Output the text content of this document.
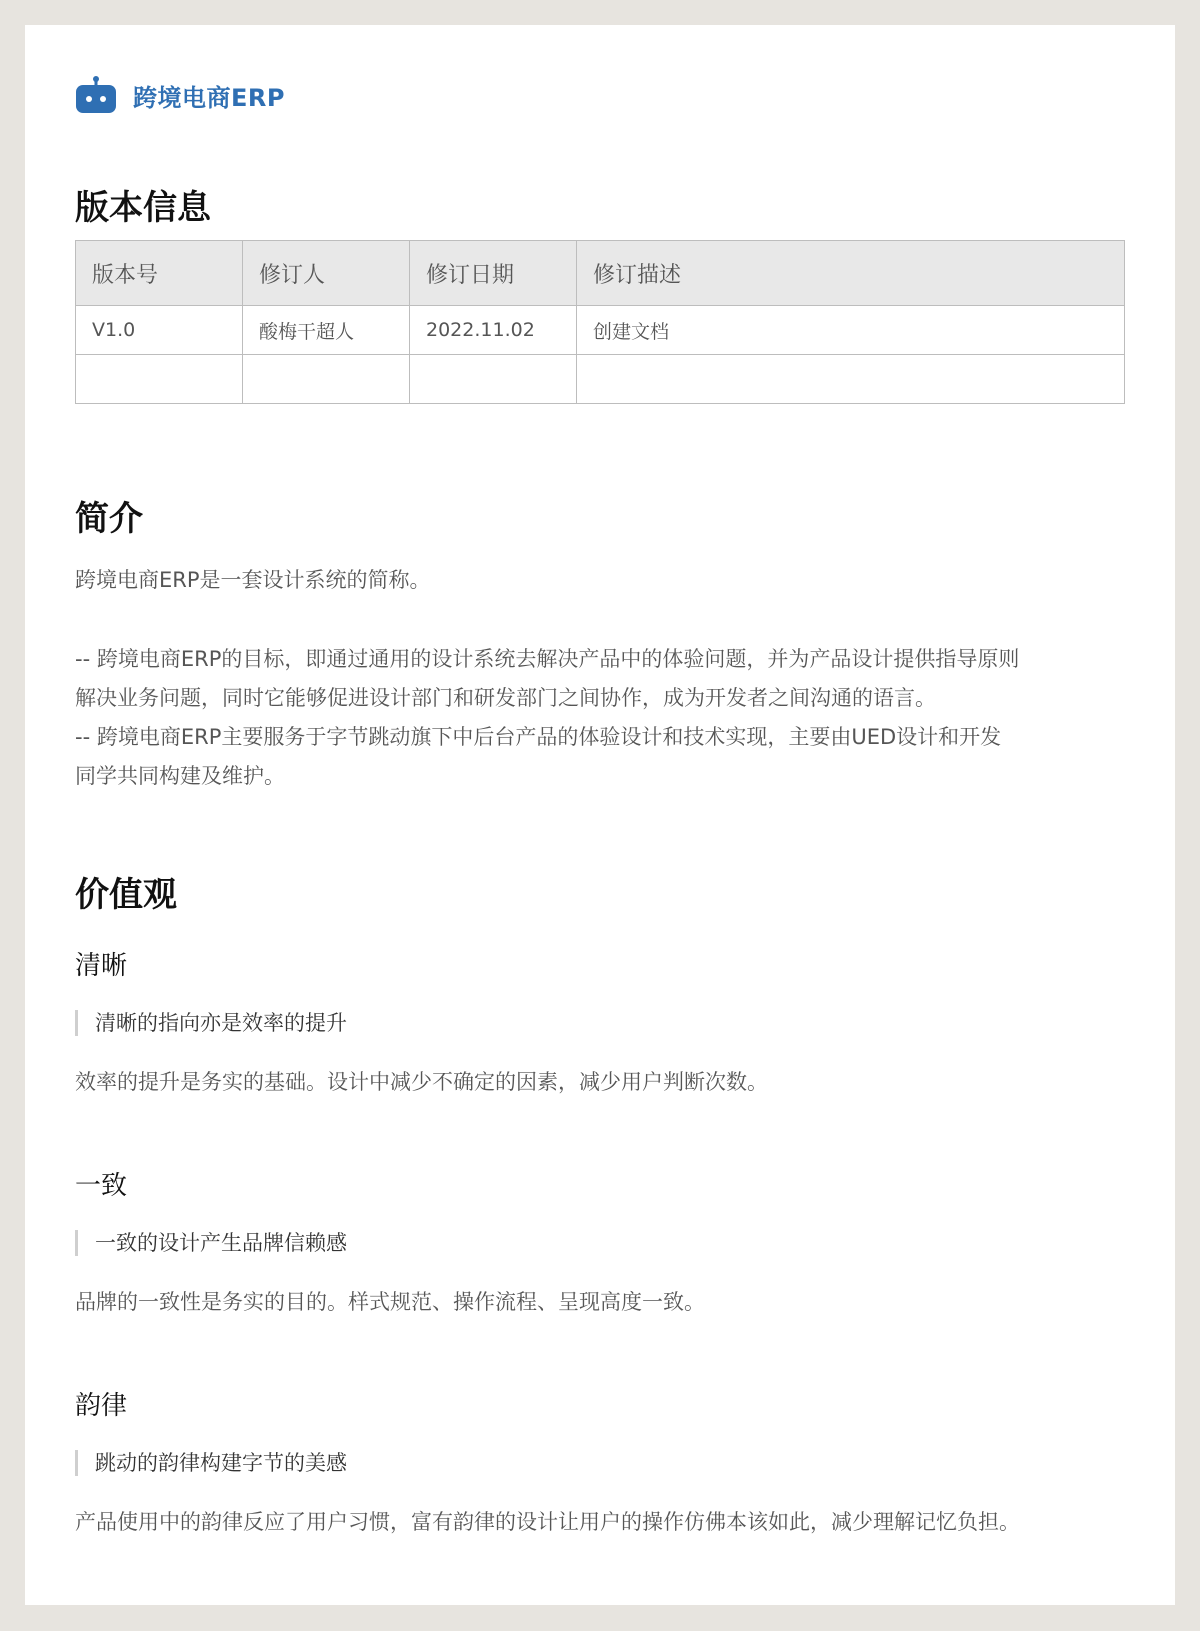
跨境电商ERP
版本信息
版本号	修订人	修订日期	修订描述
V1.0	酸梅干超人	2022.11.02	创建文档

简介

跨境电商ERP是一套设计系统的简称。

-- 跨境电商ERP的目标，即通过通用的设计系统去解决产品中的体验问题，并为产品设计提供指导原则

解决业务问题，同时它能够促进设计部门和研发部门之间协作，成为开发者之间沟通的语言。

-- 跨境电商ERP主要服务于字节跳动旗下中后台产品的体验设计和技术实现，主要由UED设计和开发

同学共同构建及维护。

价值观
清晰
清晰的指向亦是效率的提升

效率的提升是务实的基础。设计中减少不确定的因素，减少用户判断次数。

一致
一致的设计产生品牌信赖感

品牌的一致性是务实的目的。样式规范、操作流程、呈现高度一致。

韵律
跳动的韵律构建字节的美感

产品使用中的韵律反应了用户习惯，富有韵律的设计让用户的操作仿佛本该如此，减少理解记忆负担。
